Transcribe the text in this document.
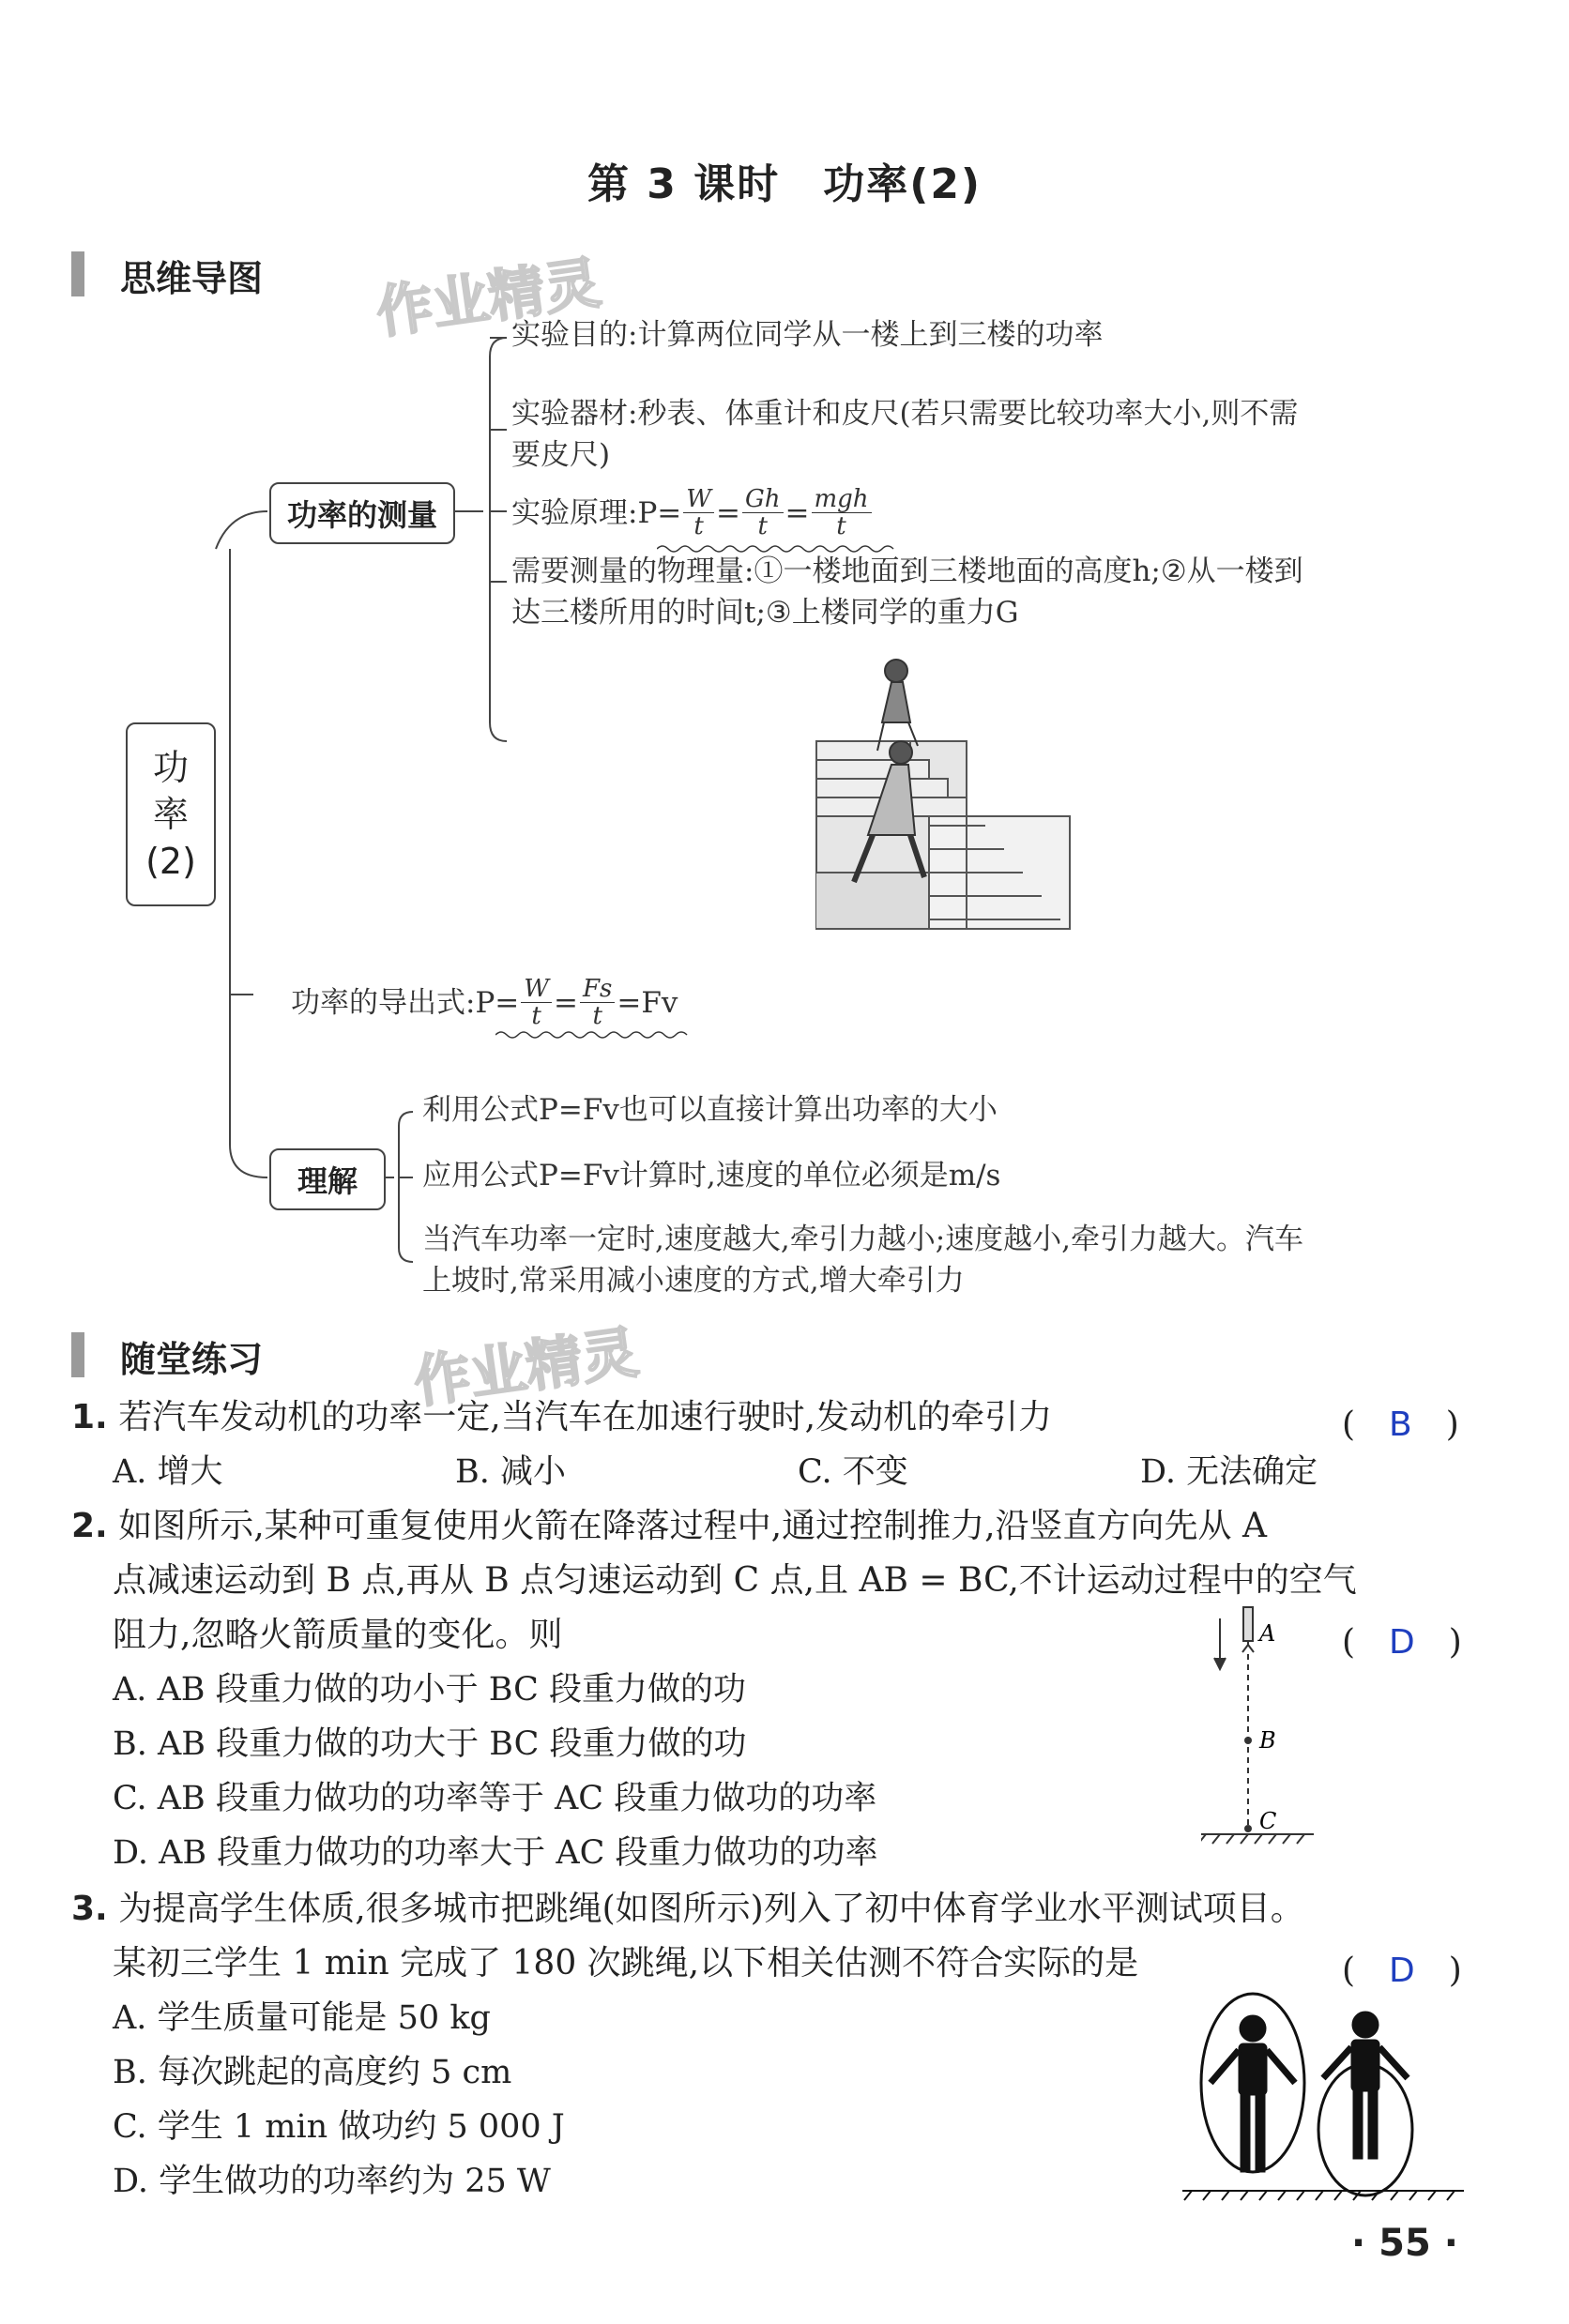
第 3 课时　功率(2)
思维导图 作业精灵
功
率
(2)
功率的测量
实验目的:计算两位同学从一楼上到三楼的功率
实验器材:秒表、体重计和皮尺(若只需要比较功率大小,则不需
要皮尺)
实验原理:P= $\frac{W}{t} = \frac{Gh}{t} = \frac{\text{mgh}}{t}$
需要测量的物理量:①一楼地面到三楼地面的高度h;②从一楼到
达三楼所用的时间t;③上楼同学的重力G
功率的导出式:P= $\frac{W}{t} = \frac{Fs}{t} =Fv$
理解
利用公式P=Fv也可以直接计算出功率的大小
应用公式P=Fv计算时,速度的单位必须是m/s
当汽车功率一定时,速度越大,牵引力越小;速度越小,牵引力越大。汽车
上坡时,常采用减小速度的方式,增大牵引力
随堂练习	作业精灵
1. 若汽车发动机的功率一定,当汽车在加速行驶时,发动机的牵引力	(　B　)
A. 增大	B. 减小	C. 不变	D. 无法确定
2. 如图所示,某种可重复使用火箭在降落过程中,通过控制推力,沿竖直方向先从 A
点减速运动到 B 点,再从 B 点匀速运动到 C 点,且 AB = BC,不计运动过程中的空气
阻力,忽略火箭质量的变化。则	(　D　)
A. AB 段重力做的功小于 BC 段重力做的功
B. AB 段重力做的功大于 BC 段重力做的功
C. AB 段重力做功的功率等于 AC 段重力做功的功率
D. AB 段重力做功的功率大于 AC 段重力做功的功率
A
B
C
3. 为提高学生体质,很多城市把跳绳(如图所示)列入了初中体育学业水平测试项目。
某初三学生 1 min 完成了 180 次跳绳,以下相关估测不符合实际的是	(　D　)
A. 学生质量可能是 50 kg
B. 每次跳起的高度约 5 cm
C. 学生 1 min 做功约 5 000 J
D. 学生做功的功率约为 25 W
· 55 ·
